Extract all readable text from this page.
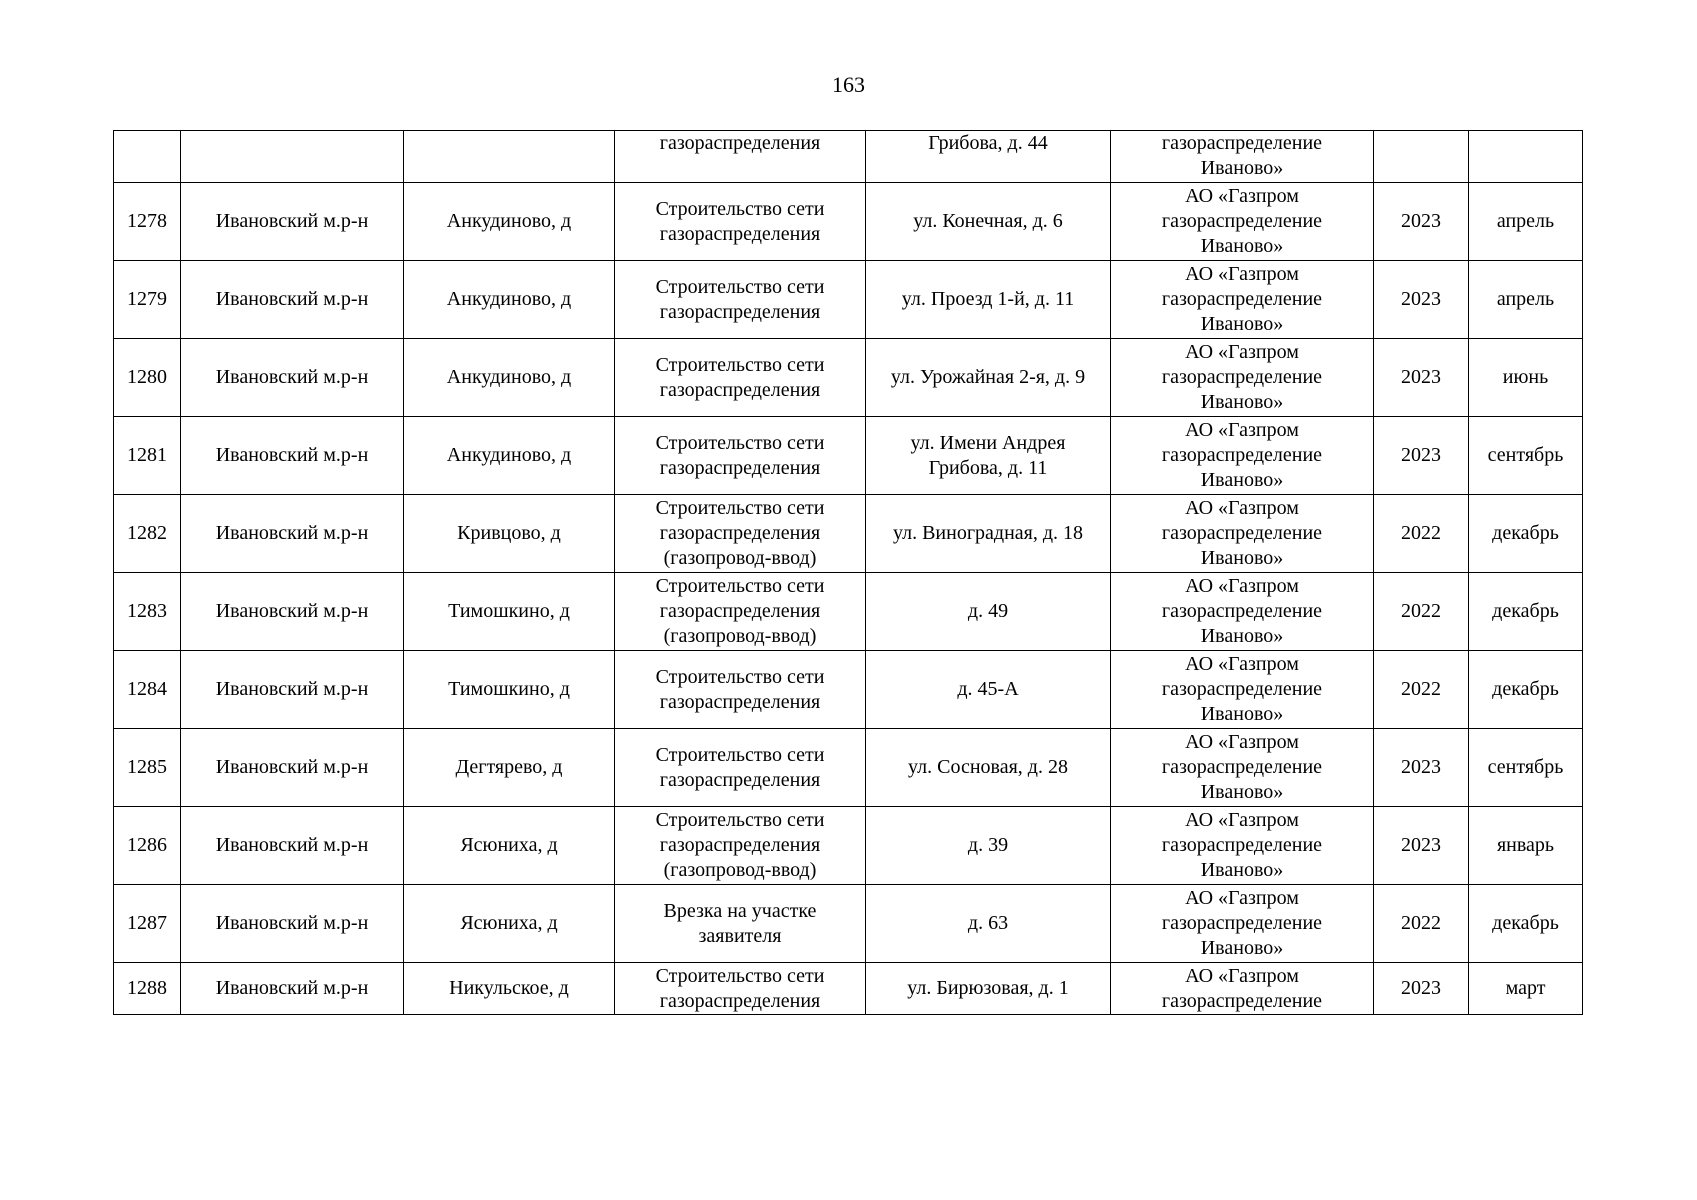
163

			газораспределения	Грибова, д. 44	газораспределение
Иваново»		

1278	Ивановский м.р-н	Анкудиново, д	Строительство сети
газораспределения	ул. Конечная, д. 6	АО «Газпром
газораспределение
Иваново»	2023	апрель

1279	Ивановский м.р-н	Анкудиново, д	Строительство сети
газораспределения	ул. Проезд 1-й, д. 11	АО «Газпром
газораспределение
Иваново»	2023	апрель

1280	Ивановский м.р-н	Анкудиново, д	Строительство сети
газораспределения	ул. Урожайная 2-я, д. 9	АО «Газпром
газораспределение
Иваново»	2023	июнь

1281	Ивановский м.р-н	Анкудиново, д	Строительство сети
газораспределения	ул. Имени Андрея
Грибова, д. 11	АО «Газпром
газораспределение
Иваново»	2023	сентябрь

1282	Ивановский м.р-н	Кривцово, д	Строительство сети
газораспределения
(газопровод-ввод)	ул. Виноградная, д. 18	АО «Газпром
газораспределение
Иваново»	2022	декабрь

1283	Ивановский м.р-н	Тимошкино, д	Строительство сети
газораспределения
(газопровод-ввод)	д. 49	АО «Газпром
газораспределение
Иваново»	2022	декабрь

1284	Ивановский м.р-н	Тимошкино, д	Строительство сети
газораспределения	д. 45-А	АО «Газпром
газораспределение
Иваново»	2022	декабрь

1285	Ивановский м.р-н	Дегтярево, д	Строительство сети
газораспределения	ул. Сосновая, д. 28	АО «Газпром
газораспределение
Иваново»	2023	сентябрь

1286	Ивановский м.р-н	Ясюниха, д	Строительство сети
газораспределения
(газопровод-ввод)	д. 39	АО «Газпром
газораспределение
Иваново»	2023	январь

1287	Ивановский м.р-н	Ясюниха, д	Врезка на участке
заявителя	д. 63	АО «Газпром
газораспределение
Иваново»	2022	декабрь

1288	Ивановский м.р-н	Никульское, д	Строительство сети
газораспределения	ул. Бирюзовая, д. 1	АО «Газпром
газораспределение	2023	март
